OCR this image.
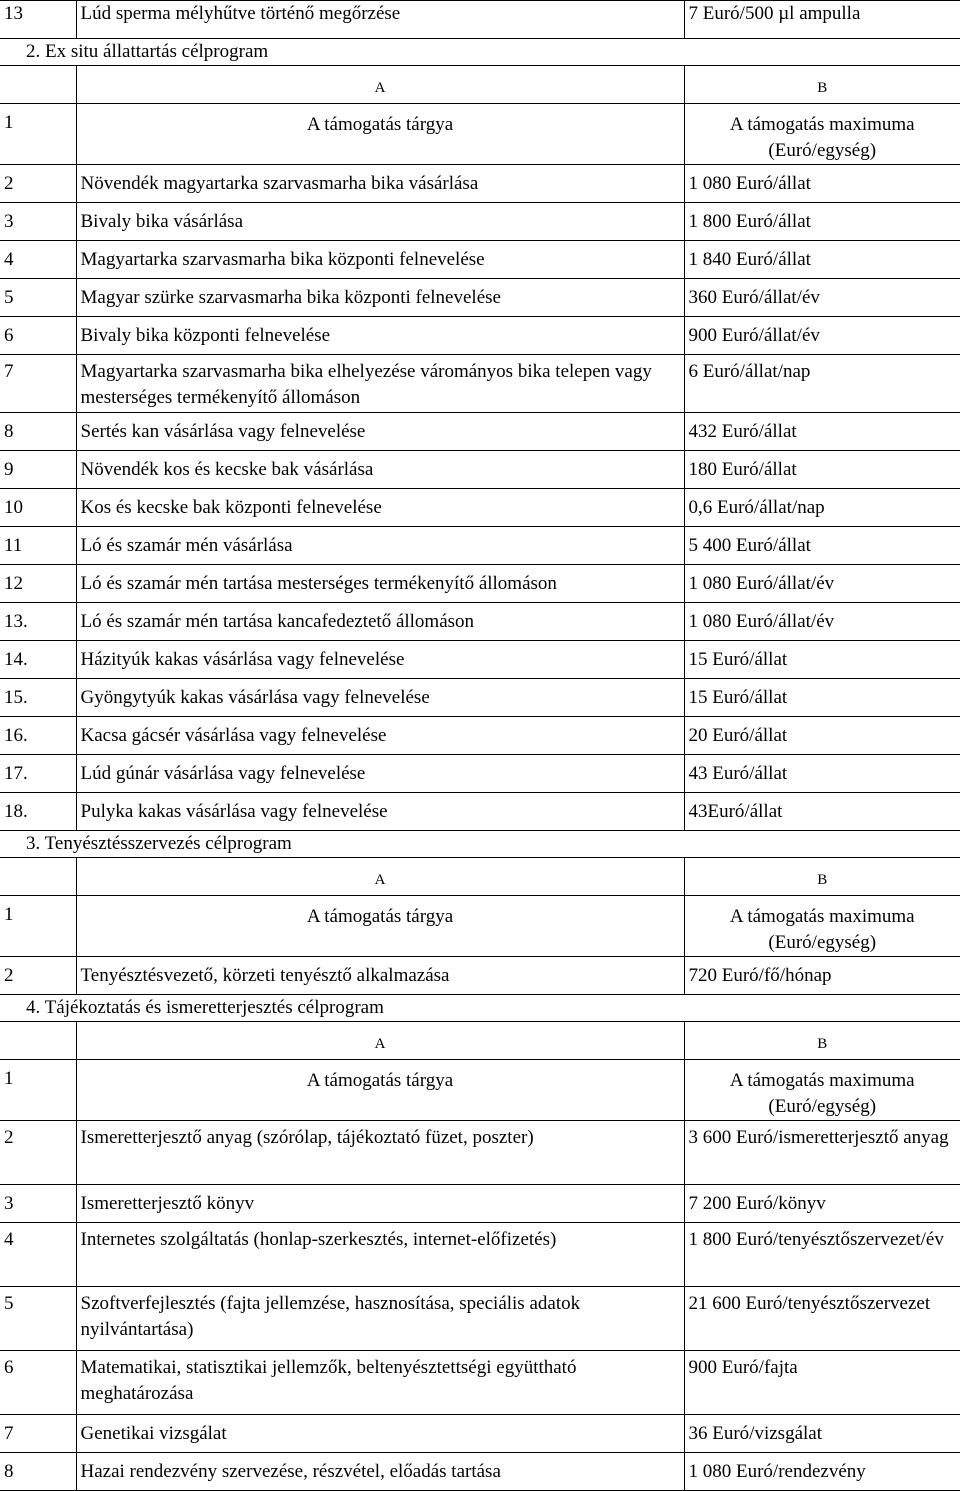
13	Lúd sperma mélyhűtve történő megőrzése	7 Euró/500 µl ampulla
2. Ex situ állattartás célprogram
	A	B
1	A támogatás tárgya	A támogatás maximuma (Euró/egység)
2	Növendék magyartarka szarvasmarha bika vásárlása	1 080 Euró/állat
3	Bivaly bika vásárlása	1 800 Euró/állat
4	Magyartarka szarvasmarha bika központi felnevelése	1 840 Euró/állat
5	Magyar szürke szarvasmarha bika központi felnevelése	360 Euró/állat/év
6	Bivaly bika központi felnevelése	900 Euró/állat/év
7	Magyartarka szarvasmarha bika elhelyezése várományos bika telepen vagy mesterséges termékenyítő állomáson	6 Euró/állat/nap
8	Sertés kan vásárlása vagy felnevelése	432 Euró/állat
9	Növendék kos és kecske bak vásárlása	180 Euró/állat
10	Kos és kecske bak központi felnevelése	0,6 Euró/állat/nap
11	Ló és szamár mén vásárlása	5 400 Euró/állat
12	Ló és szamár mén tartása mesterséges termékenyítő állomáson	1 080 Euró/állat/év
13.	Ló és szamár mén tartása kancafedeztető állomáson	1 080 Euró/állat/év
14.	Házityúk kakas vásárlása vagy felnevelése	15 Euró/állat
15.	Gyöngytyúk kakas vásárlása vagy felnevelése	15 Euró/állat
16.	Kacsa gácsér vásárlása vagy felnevelése	20 Euró/állat
17.	Lúd gúnár vásárlása vagy felnevelése	43 Euró/állat
18.	Pulyka kakas vásárlása vagy felnevelése	43Euró/állat
3. Tenyésztésszervezés célprogram
	A	B
1	A támogatás tárgya	A támogatás maximuma (Euró/egység)
2	Tenyésztésvezető, körzeti tenyésztő alkalmazása	720 Euró/fő/hónap
4. Tájékoztatás és ismeretterjesztés célprogram
	A	B
1	A támogatás tárgya	A támogatás maximuma (Euró/egység)
2	Ismeretterjesztő anyag (szórólap, tájékoztató füzet, poszter)	3 600 Euró/ismeretterjesztő anyag
3	Ismeretterjesztő könyv	7 200 Euró/könyv
4	Internetes szolgáltatás (honlap-szerkesztés, internet-előfizetés)	1 800 Euró/tenyésztőszervezet/év
5	Szoftverfejlesztés (fajta jellemzése, hasznosítása, speciális adatok nyilvántartása)	21 600 Euró/tenyésztőszervezet
6	Matematikai, statisztikai jellemzők, beltenyésztettségi együttható meghatározása	900 Euró/fajta
7	Genetikai vizsgálat	36 Euró/vizsgálat
8	Hazai rendezvény szervezése, részvétel, előadás tartása	1 080 Euró/rendezvény
